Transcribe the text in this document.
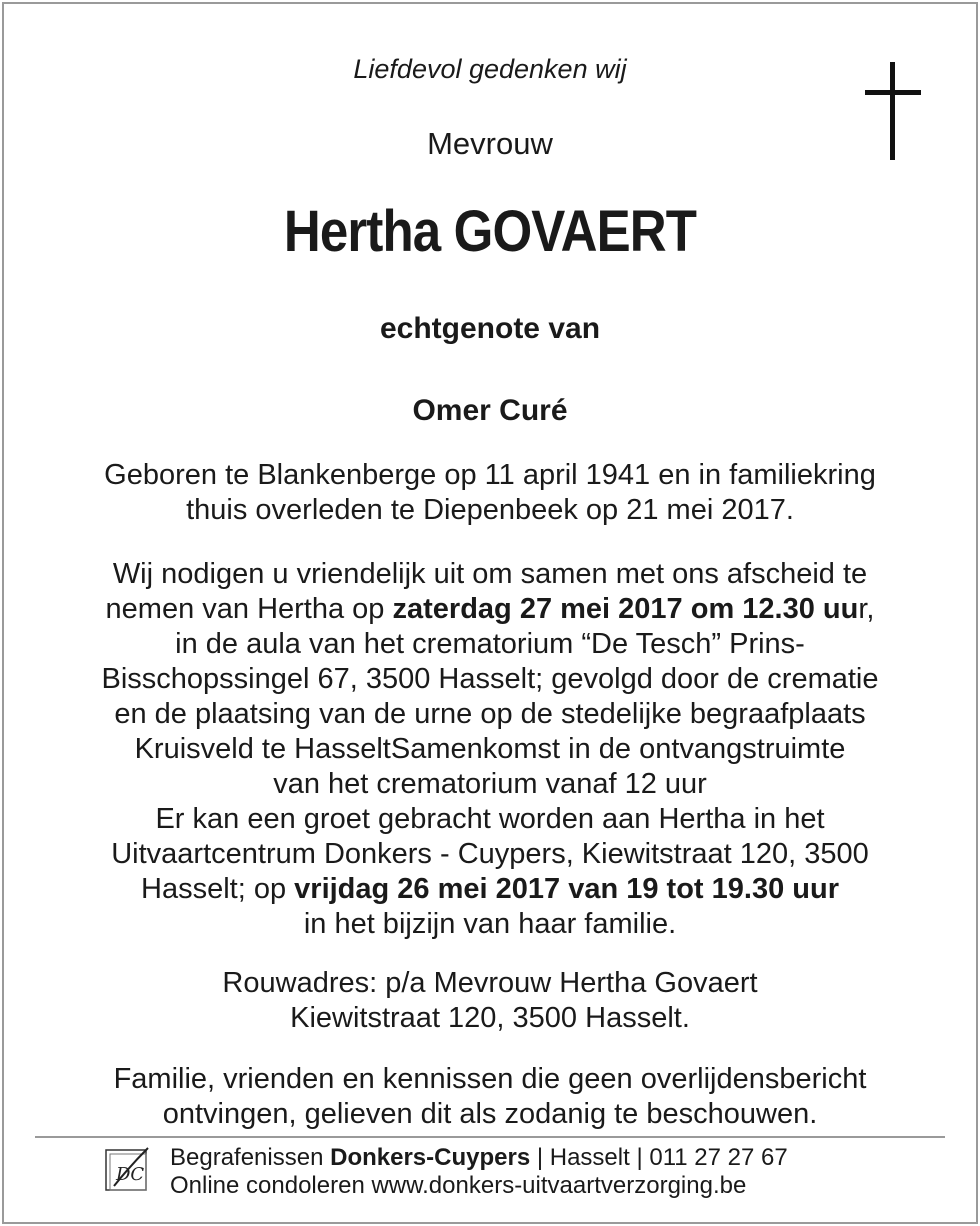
Liefdevol gedenken wij
Mevrouw
Hertha GOVAERT
echtgenote van
Omer Curé
Geboren te Blankenberge op 11 april 1941 en in familiekring
thuis overleden te Diepenbeek op 21 mei 2017.
Wij nodigen u vriendelijk uit om samen met ons afscheid te
nemen van Hertha op zaterdag 27 mei 2017 om 12.30 uur,
in de aula van het crematorium “De Tesch” Prins-
Bisschopssingel 67, 3500 Hasselt; gevolgd door de crematie
en de plaatsing van de urne op de stedelijke begraafplaats
Kruisveld te HasseltSamenkomst in de ontvangstruimte
van het crematorium vanaf 12 uur
Er kan een groet gebracht worden aan Hertha in het
Uitvaartcentrum Donkers - Cuypers, Kiewitstraat 120, 3500
Hasselt; op vrijdag 26 mei 2017 van 19 tot 19.30 uur
in het bijzijn van haar familie.
Rouwadres: p/a Mevrouw Hertha Govaert
Kiewitstraat 120, 3500 Hasselt.
Familie, vrienden en kennissen die geen overlijdensbericht
ontvingen, gelieven dit als zodanig te beschouwen.
DC
Begrafenissen Donkers-Cuypers | Hasselt | 011 27 27 67
Online condoleren www.donkers-uitvaartverzorging.be
